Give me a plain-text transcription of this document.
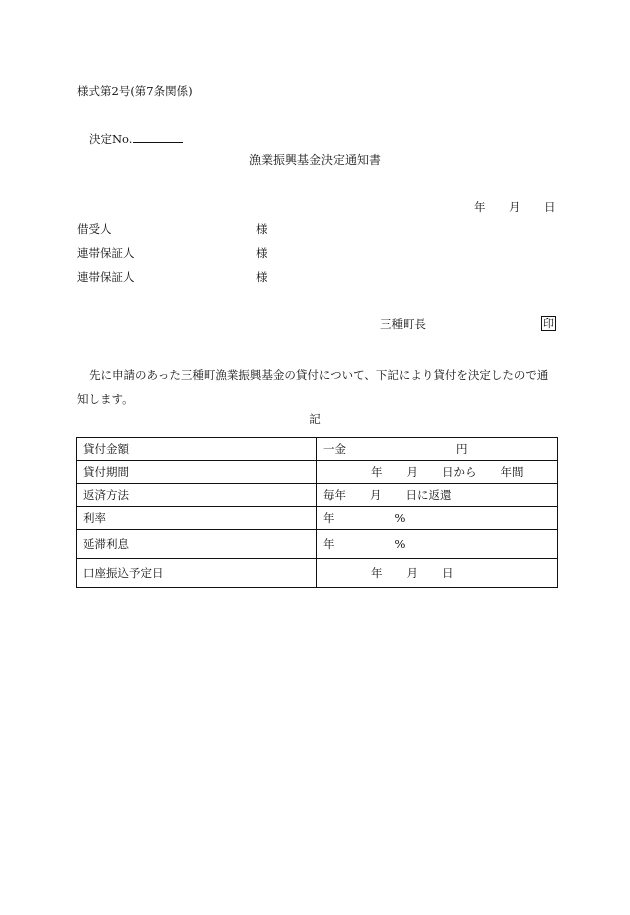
様式第2号(第7条関係)
決定No.
漁業振興基金決定通知書
年 月 日
借受人	様
連帯保証人	様
連帯保証人	様
三種町長	印
先に申請のあった三種町漁業振興基金の貸付について、下記により貸付を決定したので通知します。
記
貸付金額	一金 円
貸付期間	年 月 日から 年間
返済方法	毎年 月 日に返還
利率	年 %
延滞利息	年 %
口座振込予定日	年 月 日
